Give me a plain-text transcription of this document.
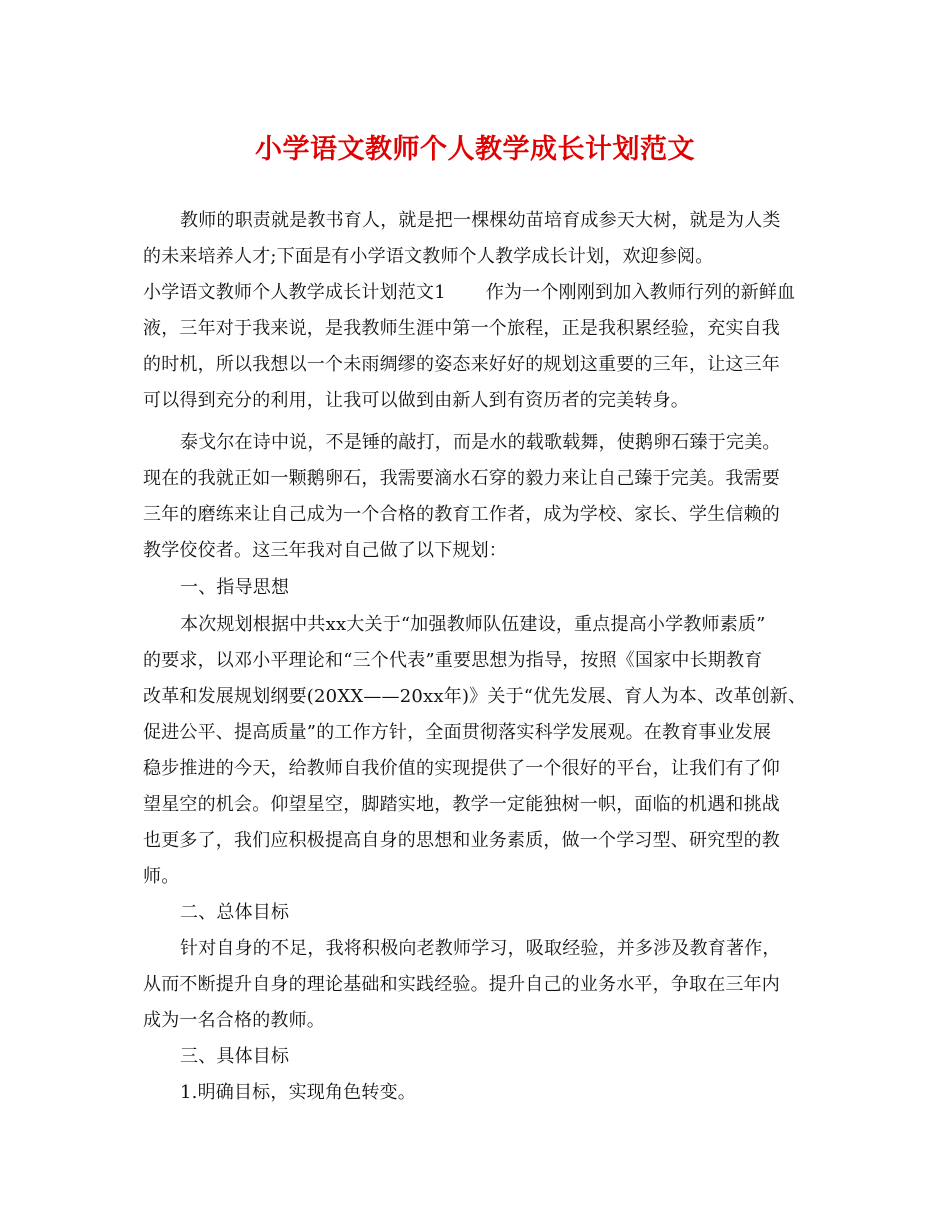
小学语文教师个人教学成长计划范文
教师的职责就是教书育人，就是把一棵棵幼苗培育成参天大树，就是为人类
的未来培养人才;下面是有小学语文教师个人教学成长计划，欢迎参阅。
小学语文教师个人教学成长计划范文1 作为一个刚刚到加入教师行列的新鲜血
液，三年对于我来说，是我教师生涯中第一个旅程，正是我积累经验，充实自我
的时机，所以我想以一个未雨绸缪的姿态来好好的规划这重要的三年，让这三年
可以得到充分的利用，让我可以做到由新人到有资历者的完美转身。
泰戈尔在诗中说，不是锤的敲打，而是水的载歌载舞，使鹅卵石臻于完美。
现在的我就正如一颗鹅卵石，我需要滴水石穿的毅力来让自己臻于完美。我需要
三年的磨练来让自己成为一个合格的教育工作者，成为学校、家长、学生信赖的
教学佼佼者。这三年我对自己做了以下规划：
一、指导思想
本次规划根据中共xx大关于“加强教师队伍建设，重点提高小学教师素质”
的要求，以邓小平理论和“三个代表”重要思想为指导，按照《国家中长期教育
改革和发展规划纲要(20XX——20xx年)》关于“优先发展、育人为本、改革创新、
促进公平、提高质量”的工作方针，全面贯彻落实科学发展观。在教育事业发展
稳步推进的今天，给教师自我价值的实现提供了一个很好的平台，让我们有了仰
望星空的机会。仰望星空，脚踏实地，教学一定能独树一帜，面临的机遇和挑战
也更多了，我们应积极提高自身的思想和业务素质，做一个学习型、研究型的教
师。
二、总体目标
针对自身的不足，我将积极向老教师学习，吸取经验，并多涉及教育著作，
从而不断提升自身的理论基础和实践经验。提升自己的业务水平，争取在三年内
成为一名合格的教师。
三、具体目标
1.明确目标，实现角色转变。
